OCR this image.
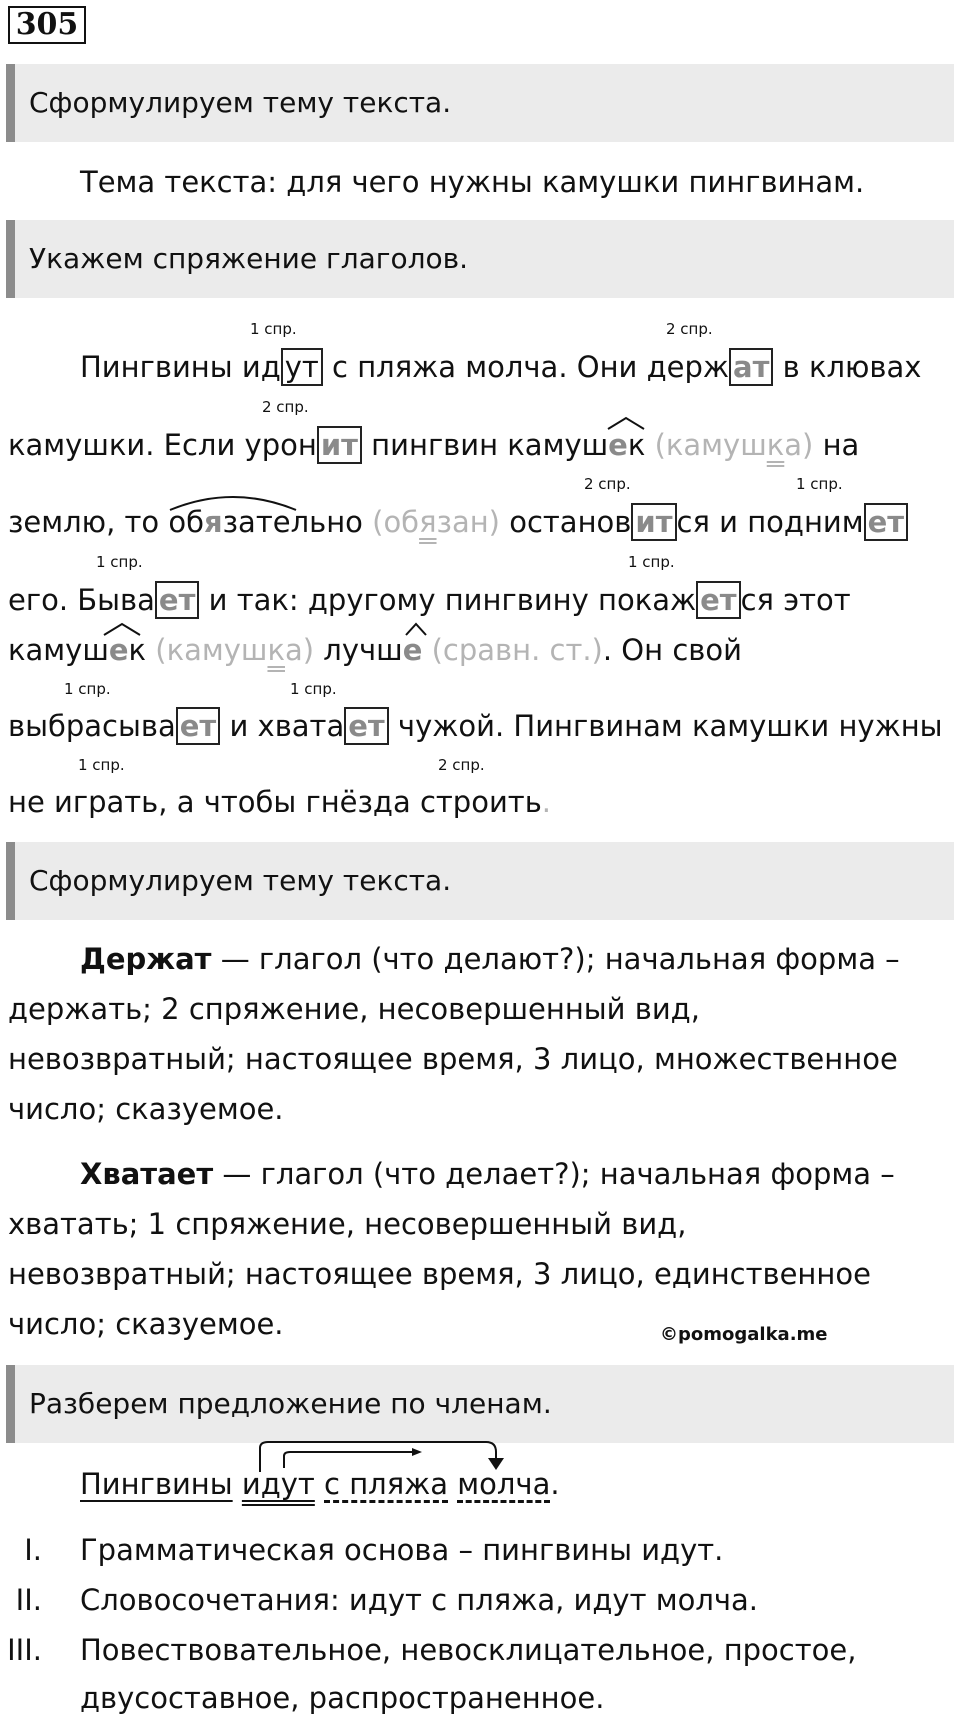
305
Сформулируем тему текста.
Тема текста: для чего нужны камушки пингвинам.
Укажем спряжение глаголов.
1 спр.	2 спр.
2 спр.
2 спр.	1 спр.
1 спр.	1 спр.
1 спр.	1 спр.
1 спр.	2 спр.
Пингвины ид ут с пляжа молча. Они держ ат в клювах
камушки. Если урон ит пингвин камушек (камушка) на
землю, то обязательно (обязан) останов ит ся и подним ет
его. Быва ет и так: другому пингвину покаж ет ся этот
камушек (камушка) лучше (сравн. ст.). Он свой
выбрасыва ет и хвата ет чужой. Пингвинам камушки нужны
не играть, а чтобы гнёзда строить.
Сформулируем тему текста.
Держат — глагол (что делают?); начальная форма –
держать; 2 спряжение, несовершенный вид,
невозвратный; настоящее время, 3 лицо, множественное
число; сказуемое.
Хватает — глагол (что делает?); начальная форма –
хватать; 1 спряжение, несовершенный вид,
невозвратный; настоящее время, 3 лицо, единственное
число; сказуемое.	©pomogalka.me
Разберем предложение по членам.
Пингвины идут с пляжа молча.
I. Грамматическая основа – пингвины идут.
II. Словосочетания: идут с пляжа, идут молча.
III. Повествовательное, невосклицательное, простое,
двусоставное, распространенное.
